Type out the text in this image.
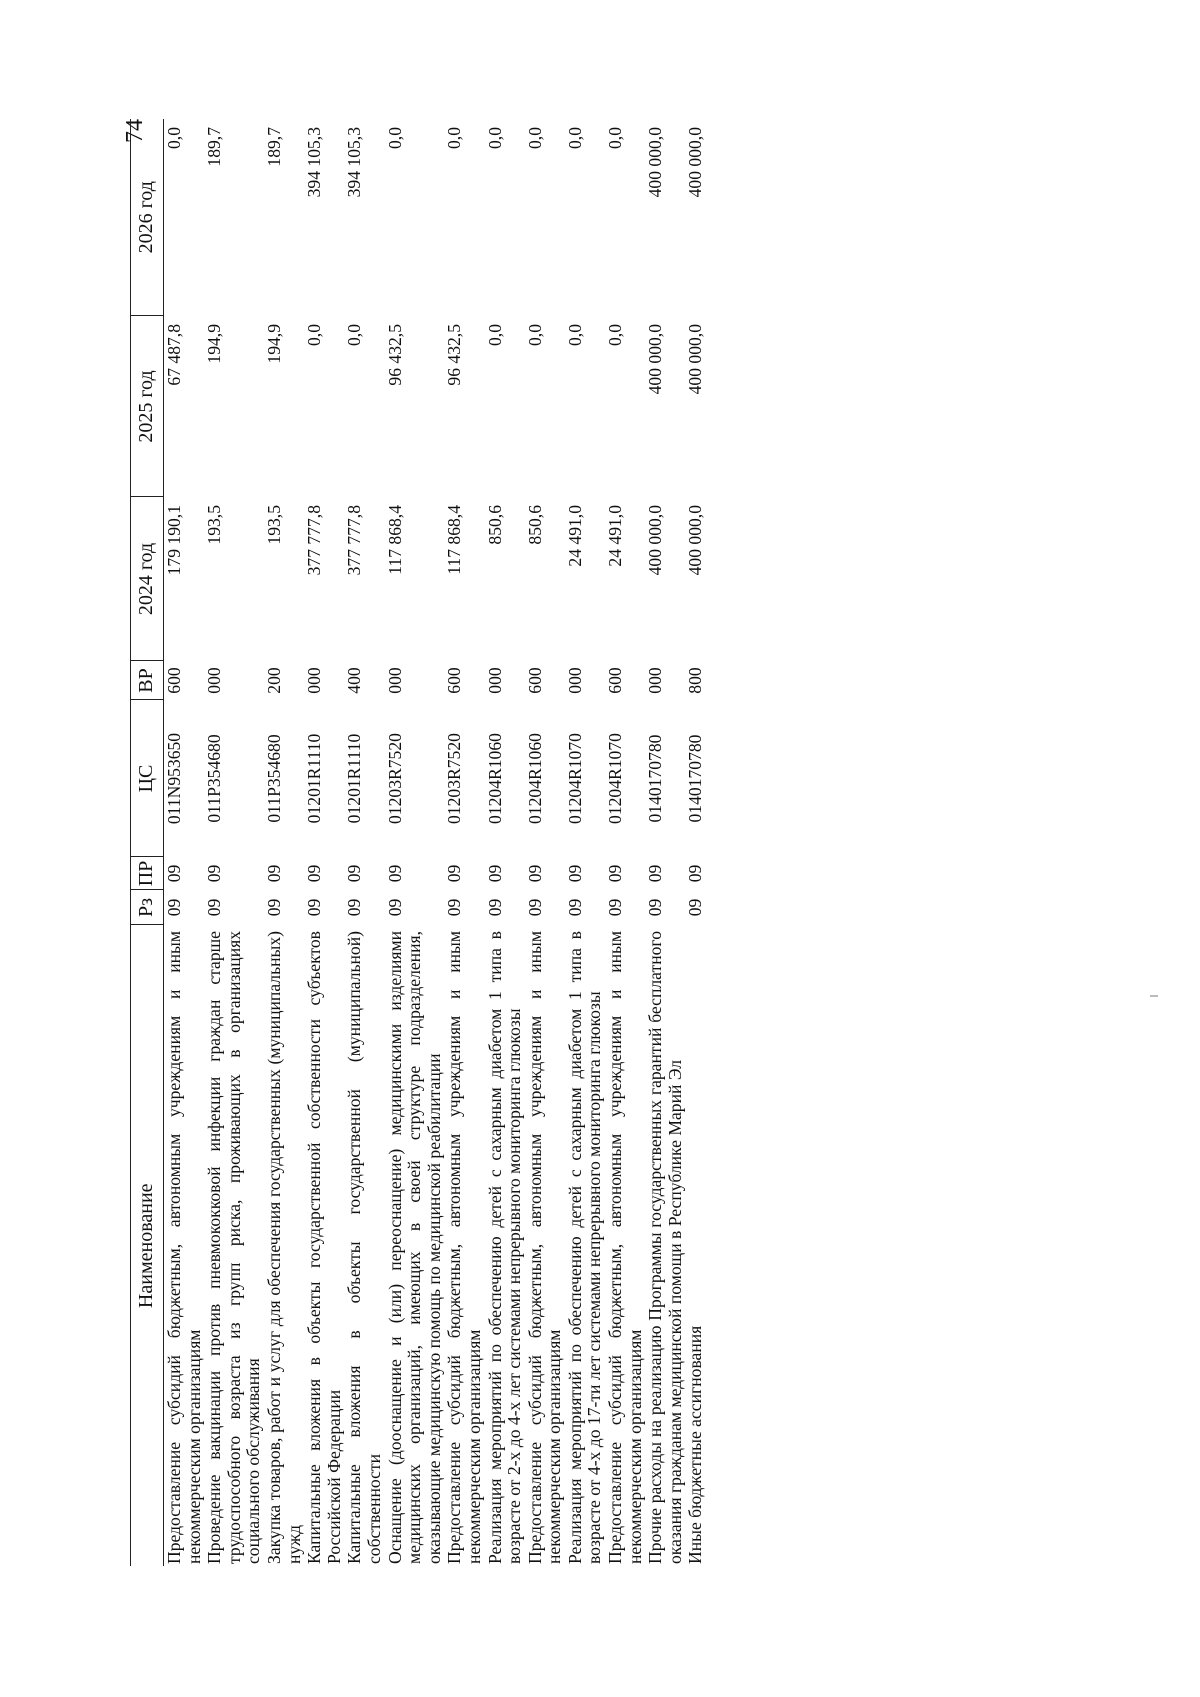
74
Наименование	Рз	ПР	ЦС	ВР	2024 год	2025 год	2026 год
Предоставление субсидий бюджетным, автономным учреждениям и иным некоммерческим организациям	09	09	011N953650	600	179 190,1	67 487,8	0,0
Проведение вакцинации против пневмококковой инфекции граждан старше трудоспособного возраста из групп риска, проживающих в организациях социального обслуживания	09	09	011P354680	000	193,5	194,9	189,7
Закупка товаров, работ и услуг для обеспечения государственных (муниципальных) нужд	09	09	011P354680	200	193,5	194,9	189,7
Капитальные вложения в объекты государственной собственности субъектов Российской Федерации	09	09	01201R1110	000	377 777,8	0,0	394 105,3
Капитальные вложения в объекты государственной (муниципальной) собственности	09	09	01201R1110	400	377 777,8	0,0	394 105,3
Оснащение (дооснащение и (или) переоснащение) медицинскими изделиями медицинских организаций, имеющих в своей структуре подразделения, оказывающие медицинскую помощь по медицинской реабилитации	09	09	01203R7520	000	117 868,4	96 432,5	0,0
Предоставление субсидий бюджетным, автономным учреждениям и иным некоммерческим организациям	09	09	01203R7520	600	117 868,4	96 432,5	0,0
Реализация мероприятий по обеспечению детей с сахарным диабетом 1 типа в возрасте от 2-х до 4-х лет системами непрерывного мониторинга глюкозы	09	09	01204R1060	000	850,6	0,0	0,0
Предоставление субсидий бюджетным, автономным учреждениям и иным некоммерческим организациям	09	09	01204R1060	600	850,6	0,0	0,0
Реализация мероприятий по обеспечению детей с сахарным диабетом 1 типа в возрасте от 4-х до 17-ти лет системами непрерывного мониторинга глюкозы	09	09	01204R1070	000	24 491,0	0,0	0,0
Предоставление субсидий бюджетным, автономным учреждениям и иным некоммерческим организациям	09	09	01204R1070	600	24 491,0	0,0	0,0
Прочие расходы на реализацию Программы государственных гарантий бесплатного оказания гражданам медицинской помощи в Республике Марий Эл	09	09	0140170780	000	400 000,0	400 000,0	400 000,0
Иные бюджетные ассигнования	09	09	0140170780	800	400 000,0	400 000,0	400 000,0
